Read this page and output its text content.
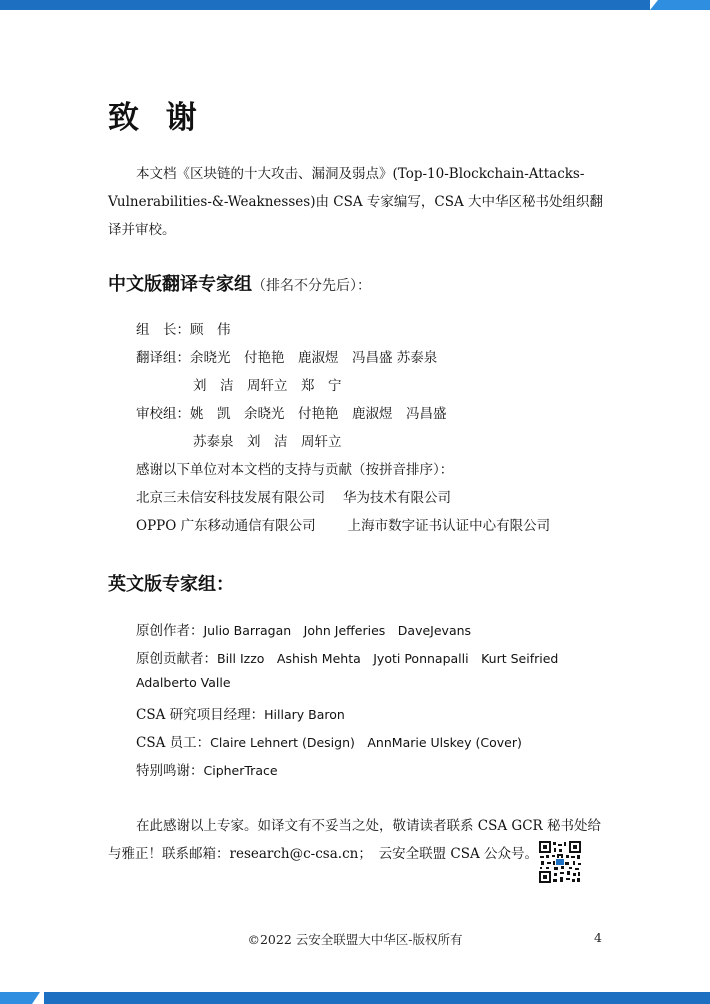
致 谢
本文档《区块链的十大攻击、漏洞及弱点》(Top-10-Blockchain-Attacks-Vulnerabilities-&-Weaknesses)由 CSA 专家编写，CSA 大中华区秘书处组织翻译并审校。
中文版翻译专家组（排名不分先后）：
组　长：顾　伟
翻译组：余晓光　付艳艳　鹿淑煜　冯昌盛 苏泰泉
刘　洁　周轩立　郑　宁
审校组：姚　凯　余晓光　付艳艳　鹿淑煜　冯昌盛
苏泰泉　刘　洁　周轩立
感谢以下单位对本文档的支持与贡献（按拼音排序）：
北京三未信安科技发展有限公司 华为技术有限公司
OPPO 广东移动通信有限公司 上海市数字证书认证中心有限公司
英文版专家组：
原创作者：Julio Barragan　John Jefferies　DaveJevans
原创贡献者：Bill Izzo　Ashish Mehta　Jyoti Ponnapalli　Kurt Seifried
Adalberto Valle
CSA 研究项目经理：Hillary Baron
CSA 员工：Claire Lehnert (Design)　AnnMarie Ulskey (Cover)
特别鸣谢：CipherTrace
在此感谢以上专家。如译文有不妥当之处，敬请读者联系 CSA GCR 秘书处给与雅正！联系邮箱：research@c-csa.cn；　云安全联盟 CSA 公众号。
©2022 云安全联盟大中华区-版权所有	4
